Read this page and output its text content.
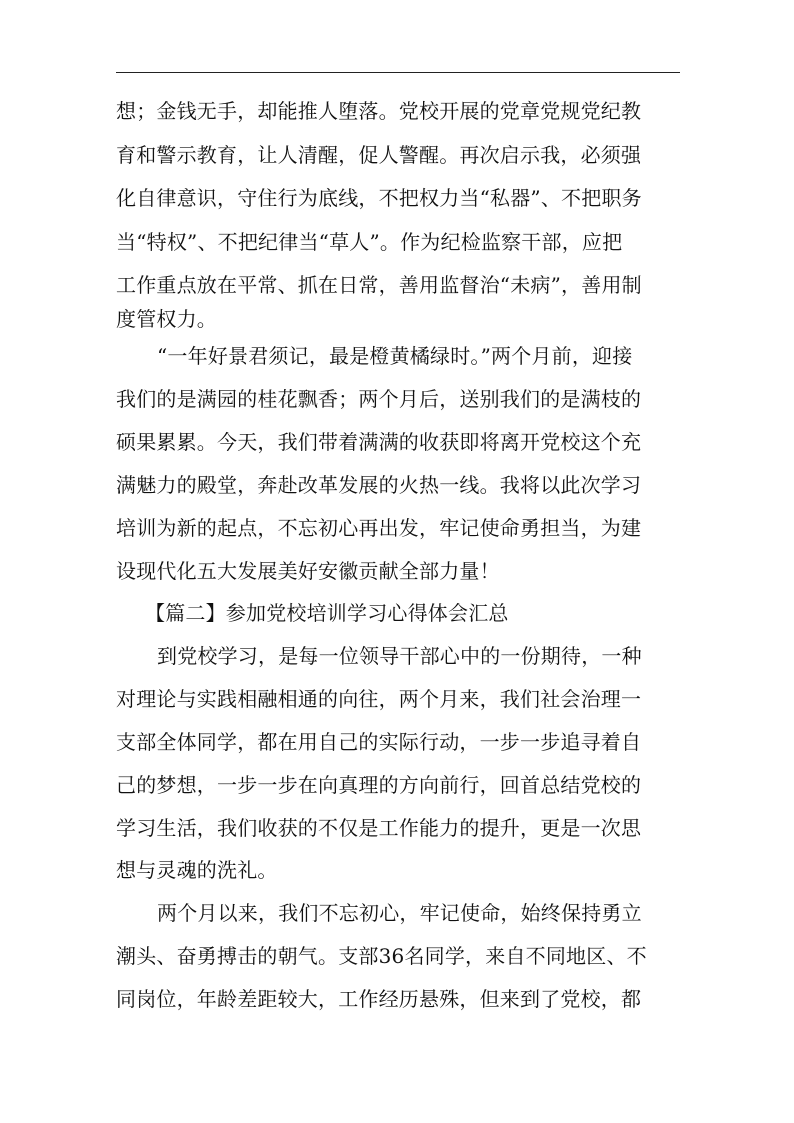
想；金钱无手，却能推人堕落。党校开展的党章党规党纪教
育和警示教育，让人清醒，促人警醒。再次启示我，必须强
化自律意识，守住行为底线，不把权力当“私器”、不把职务
当“特权”、不把纪律当“草人”。作为纪检监察干部，应把
工作重点放在平常、抓在日常，善用监督治“未病”，善用制
度管权力。
“一年好景君须记，最是橙黄橘绿时。”两个月前，迎接
我们的是满园的桂花飘香；两个月后，送别我们的是满枝的
硕果累累。今天，我们带着满满的收获即将离开党校这个充
满魅力的殿堂，奔赴改革发展的火热一线。我将以此次学习
培训为新的起点，不忘初心再出发，牢记使命勇担当，为建
设现代化五大发展美好安徽贡献全部力量！
【篇二】参加党校培训学习心得体会汇总
到党校学习，是每一位领导干部心中的一份期待，一种
对理论与实践相融相通的向往，两个月来，我们社会治理一
支部全体同学，都在用自己的实际行动，一步一步追寻着自
己的梦想，一步一步在向真理的方向前行，回首总结党校的
学习生活，我们收获的不仅是工作能力的提升，更是一次思
想与灵魂的洗礼。
两个月以来，我们不忘初心，牢记使命，始终保持勇立
潮头、奋勇搏击的朝气。支部36名同学，来自不同地区、不
同岗位，年龄差距较大，工作经历悬殊，但来到了党校，都
